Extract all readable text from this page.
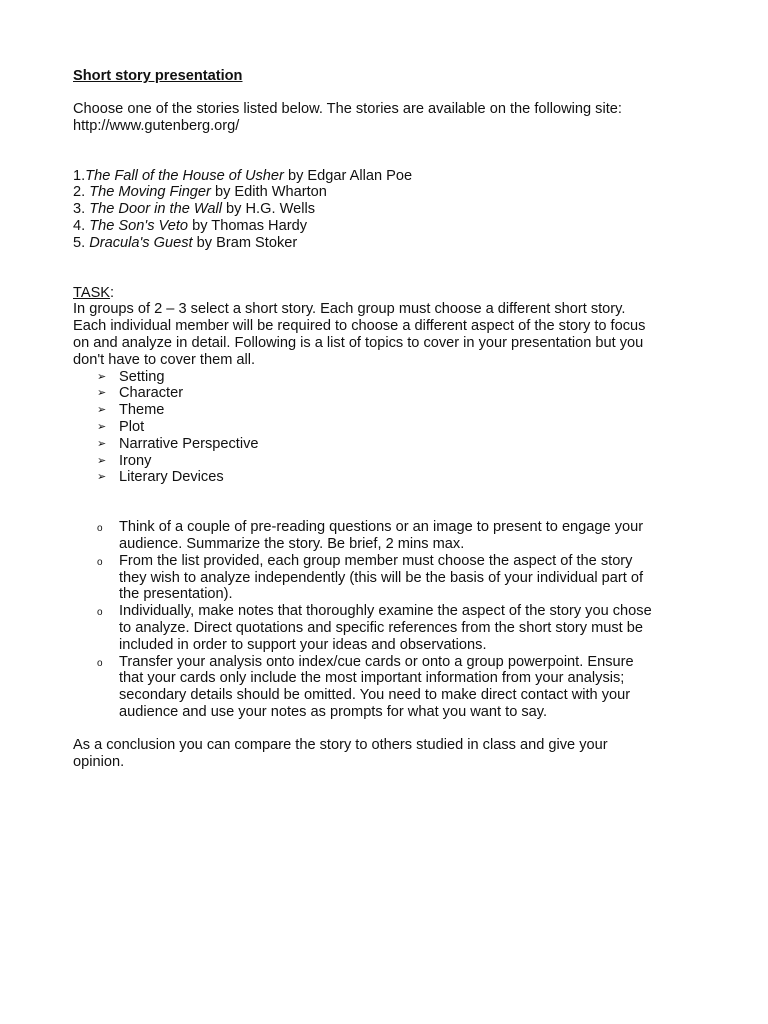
Short story presentation
Choose one of the stories listed below. The stories are available on the following site:
http://www.gutenberg.org/
1.The Fall of the House of Usher by Edgar Allan Poe
2. The Moving Finger by Edith Wharton
3. The Door in the Wall by H.G. Wells
4. The Son's Veto by Thomas Hardy
5. Dracula's Guest by Bram Stoker
TASK:
In groups of 2 – 3 select a short story. Each group must choose a different short story.
Each individual member will be required to choose a different aspect of the story to focus
on and analyze in detail. Following is a list of topics to cover in your presentation but you
don't have to cover them all.
➢ Setting
➢ Character
➢ Theme
➢ Plot
➢ Narrative Perspective
➢ Irony
➢ Literary Devices
o Think of a couple of pre-reading questions or an image to present to engage your
audience. Summarize the story. Be brief, 2 mins max.
o From the list provided, each group member must choose the aspect of the story
they wish to analyze independently (this will be the basis of your individual part of
the presentation).
o Individually, make notes that thoroughly examine the aspect of the story you chose
to analyze. Direct quotations and specific references from the short story must be
included in order to support your ideas and observations.
o Transfer your analysis onto index/cue cards or onto a group powerpoint. Ensure
that your cards only include the most important information from your analysis;
secondary details should be omitted. You need to make direct contact with your
audience and use your notes as prompts for what you want to say.
As a conclusion you can compare the story to others studied in class and give your
opinion.
